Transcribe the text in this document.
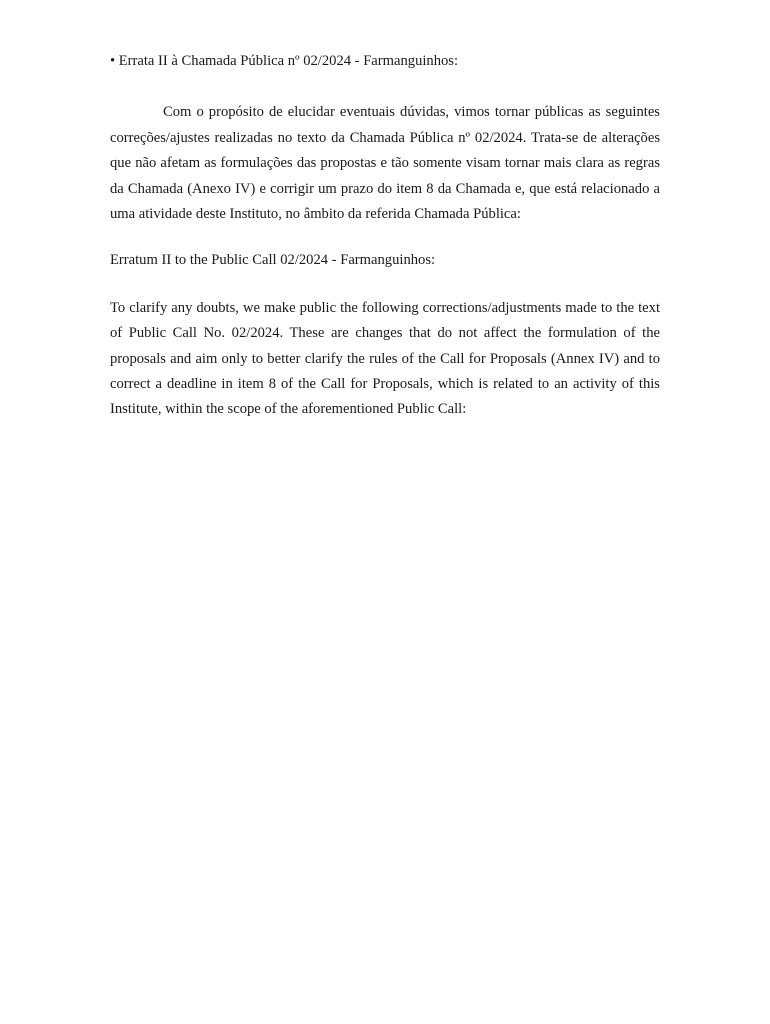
• Errata II à Chamada Pública nº 02/2024 - Farmanguinhos:

Com o propósito de elucidar eventuais dúvidas, vimos tornar públicas as seguintes correções/ajustes realizadas no texto da Chamada Pública nº 02/2024. Trata-se de alterações que não afetam as formulações das propostas e tão somente visam tornar mais clara as regras da Chamada (Anexo IV) e corrigir um prazo do item 8 da Chamada e, que está relacionado a uma atividade deste Instituto, no âmbito da referida Chamada Pública:

Erratum II to the Public Call 02/2024 - Farmanguinhos:

To clarify any doubts, we make public the following corrections/adjustments made to the text of Public Call No. 02/2024. These are changes that do not affect the formulation of the proposals and aim only to better clarify the rules of the Call for Proposals (Annex IV) and to correct a deadline in item 8 of the Call for Proposals, which is related to an activity of this Institute, within the scope of the aforementioned Public Call:
